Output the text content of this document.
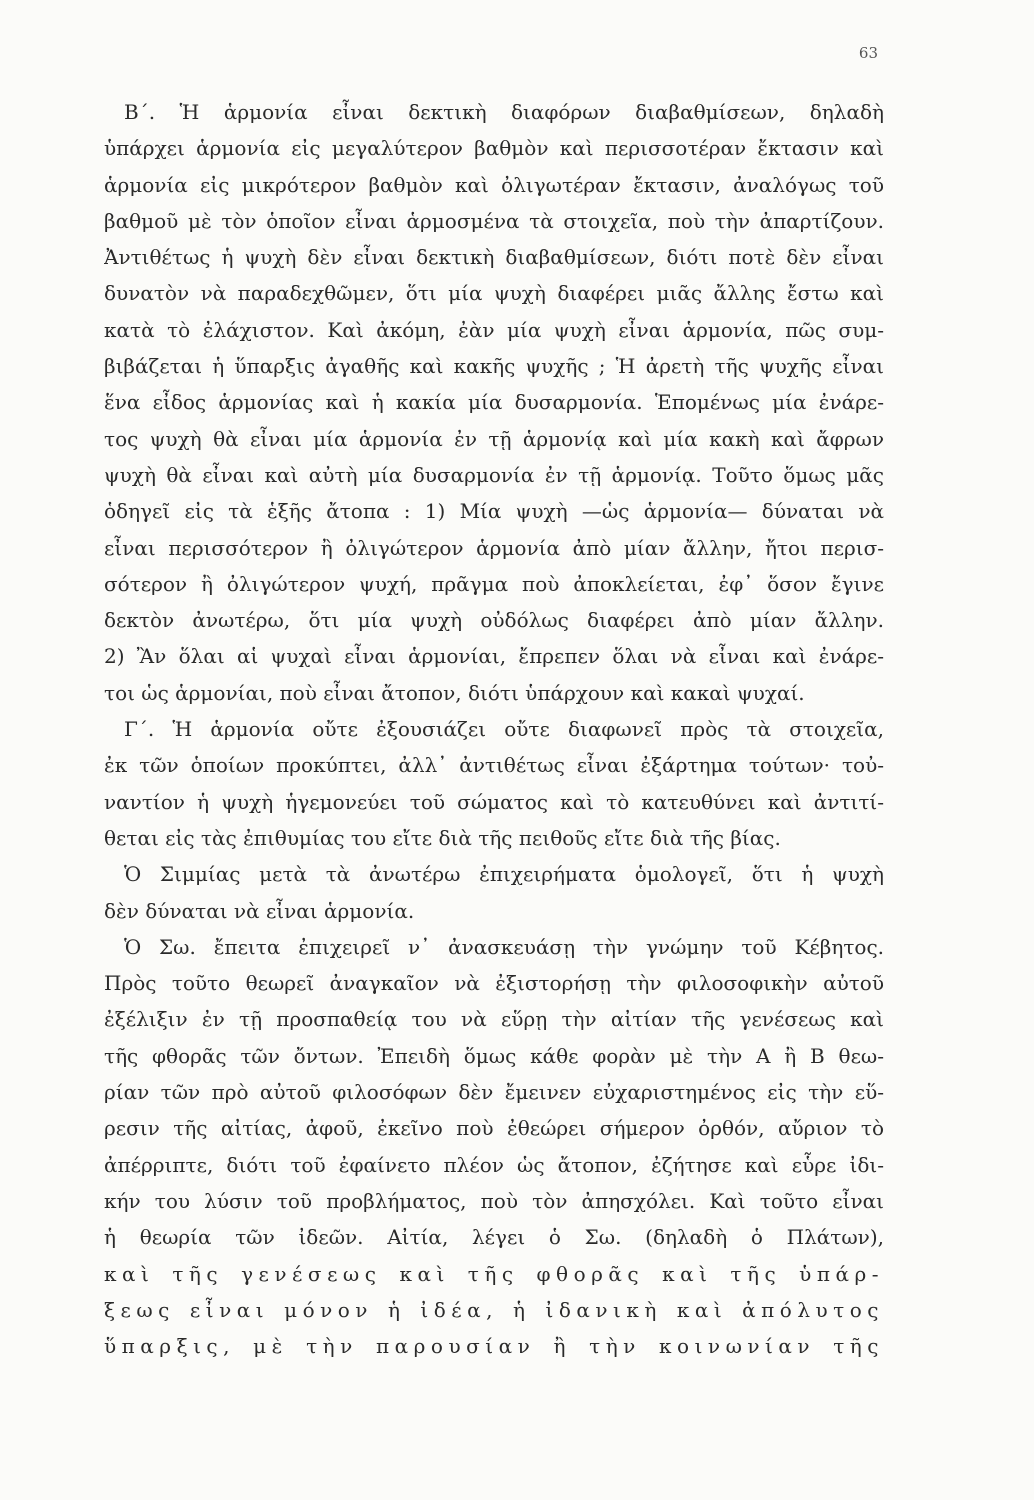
63
Β΄. Ἡ ἁρμονία εἶναι δεκτικὴ διαφόρων διαβαθμίσεων, δηλαδὴ
ὑπάρχει ἁρμονία εἰς μεγαλύτερον βαθμὸν καὶ περισσοτέραν ἔκτασιν καὶ
ἁρμονία εἰς μικρότερον βαθμὸν καὶ ὀλιγωτέραν ἔκτασιν, ἀναλόγως τοῦ
βαθμοῦ μὲ τὸν ὁποῖον εἶναι ἁρμοσμένα τὰ στοιχεῖα, ποὺ τὴν ἀπαρτίζουν.
Ἀντιθέτως ἡ ψυχὴ δὲν εἶναι δεκτικὴ διαβαθμίσεων, διότι ποτὲ δὲν εἶναι
δυνατὸν νὰ παραδεχθῶμεν, ὅτι μία ψυχὴ διαφέρει μιᾶς ἄλλης ἔστω καὶ
κατὰ τὸ ἐλάχιστον. Καὶ ἀκόμη, ἐὰν μία ψυχὴ εἶναι ἁρμονία, πῶς συμ-
βιβάζεται ἡ ὕπαρξις ἀγαθῆς καὶ κακῆς ψυχῆς ; Ἡ ἀρετὴ τῆς ψυχῆς εἶναι
ἕνα εἶδος ἁρμονίας καὶ ἡ κακία μία δυσαρμονία. Ἑπομένως μία ἐνάρε-
τος ψυχὴ θὰ εἶναι μία ἁρμονία ἐν τῇ ἁρμονίᾳ καὶ μία κακὴ καὶ ἄφρων
ψυχὴ θὰ εἶναι καὶ αὐτὴ μία δυσαρμονία ἐν τῇ ἁρμονίᾳ. Τοῦτο ὅμως μᾶς
ὁδηγεῖ εἰς τὰ ἑξῆς ἄτοπα : 1) Μία ψυχὴ —ὡς ἁρμονία— δύναται νὰ
εἶναι περισσότερον ἢ ὀλιγώτερον ἁρμονία ἀπὸ μίαν ἄλλην, ἤτοι περισ-
σότερον ἢ ὀλιγώτερον ψυχή, πρᾶγμα ποὺ ἀποκλείεται, ἐφ᾽ ὅσον ἔγινε
δεκτὸν ἀνωτέρω, ὅτι μία ψυχὴ οὐδόλως διαφέρει ἀπὸ μίαν ἄλλην.
2) Ἂν ὅλαι αἱ ψυχαὶ εἶναι ἁρμονίαι, ἔπρεπεν ὅλαι νὰ εἶναι καὶ ἐνάρε-
τοι ὡς ἁρμονίαι, ποὺ εἶναι ἄτοπον, διότι ὑπάρχουν καὶ κακαὶ ψυχαί.
Γ΄. Ἡ ἁρμονία οὔτε ἐξουσιάζει οὔτε διαφωνεῖ πρὸς τὰ στοιχεῖα,
ἐκ τῶν ὁποίων προκύπτει, ἀλλ᾽ ἀντιθέτως εἶναι ἐξάρτημα τούτων· τοὐ-
ναντίον ἡ ψυχὴ ἡγεμονεύει τοῦ σώματος καὶ τὸ κατευθύνει καὶ ἀντιτί-
θεται εἰς τὰς ἐπιθυμίας του εἴτε διὰ τῆς πειθοῦς εἴτε διὰ τῆς βίας.
Ὁ Σιμμίας μετὰ τὰ ἀνωτέρω ἐπιχειρήματα ὁμολογεῖ, ὅτι ἡ ψυχὴ
δὲν δύναται νὰ εἶναι ἁρμονία.
Ὁ Σω. ἔπειτα ἐπιχειρεῖ ν᾽ ἀνασκευάσῃ τὴν γνώμην τοῦ Κέβητος.
Πρὸς τοῦτο θεωρεῖ ἀναγκαῖον νὰ ἐξιστορήσῃ τὴν φιλοσοφικὴν αὐτοῦ
ἐξέλιξιν ἐν τῇ προσπαθείᾳ του νὰ εὕρῃ τὴν αἰτίαν τῆς γενέσεως καὶ
τῆς φθορᾶς τῶν ὄντων. Ἐπειδὴ ὅμως κάθε φορὰν μὲ τὴν Α ἢ Β θεω-
ρίαν τῶν πρὸ αὐτοῦ φιλοσόφων δὲν ἔμεινεν εὐχαριστημένος εἰς τὴν εὕ-
ρεσιν τῆς αἰτίας, ἀφοῦ, ἐκεῖνο ποὺ ἐθεώρει σήμερον ὀρθόν, αὔριον τὸ
ἀπέρριπτε, διότι τοῦ ἐφαίνετο πλέον ὡς ἄτοπον, ἐζήτησε καὶ εὗρε ἰδι-
κήν του λύσιν τοῦ προβλήματος, ποὺ τὸν ἀπησχόλει. Καὶ τοῦτο εἶναι
ἡ θεωρία τῶν ἰδεῶν. Αἰτία, λέγει ὁ Σω. (δηλαδὴ ὁ Πλάτων),
καὶ τῆς γενέσεως καὶ τῆς φθορᾶς καὶ τῆς ὑπάρ-
ξεως εἶναι μόνον ἡ ἰδέα, ἡ ἰδανικὴ καὶ ἀπόλυτος
ὕπαρξις, μὲ τὴν παρουσίαν ἢ τὴν κοινωνίαν τῆς
